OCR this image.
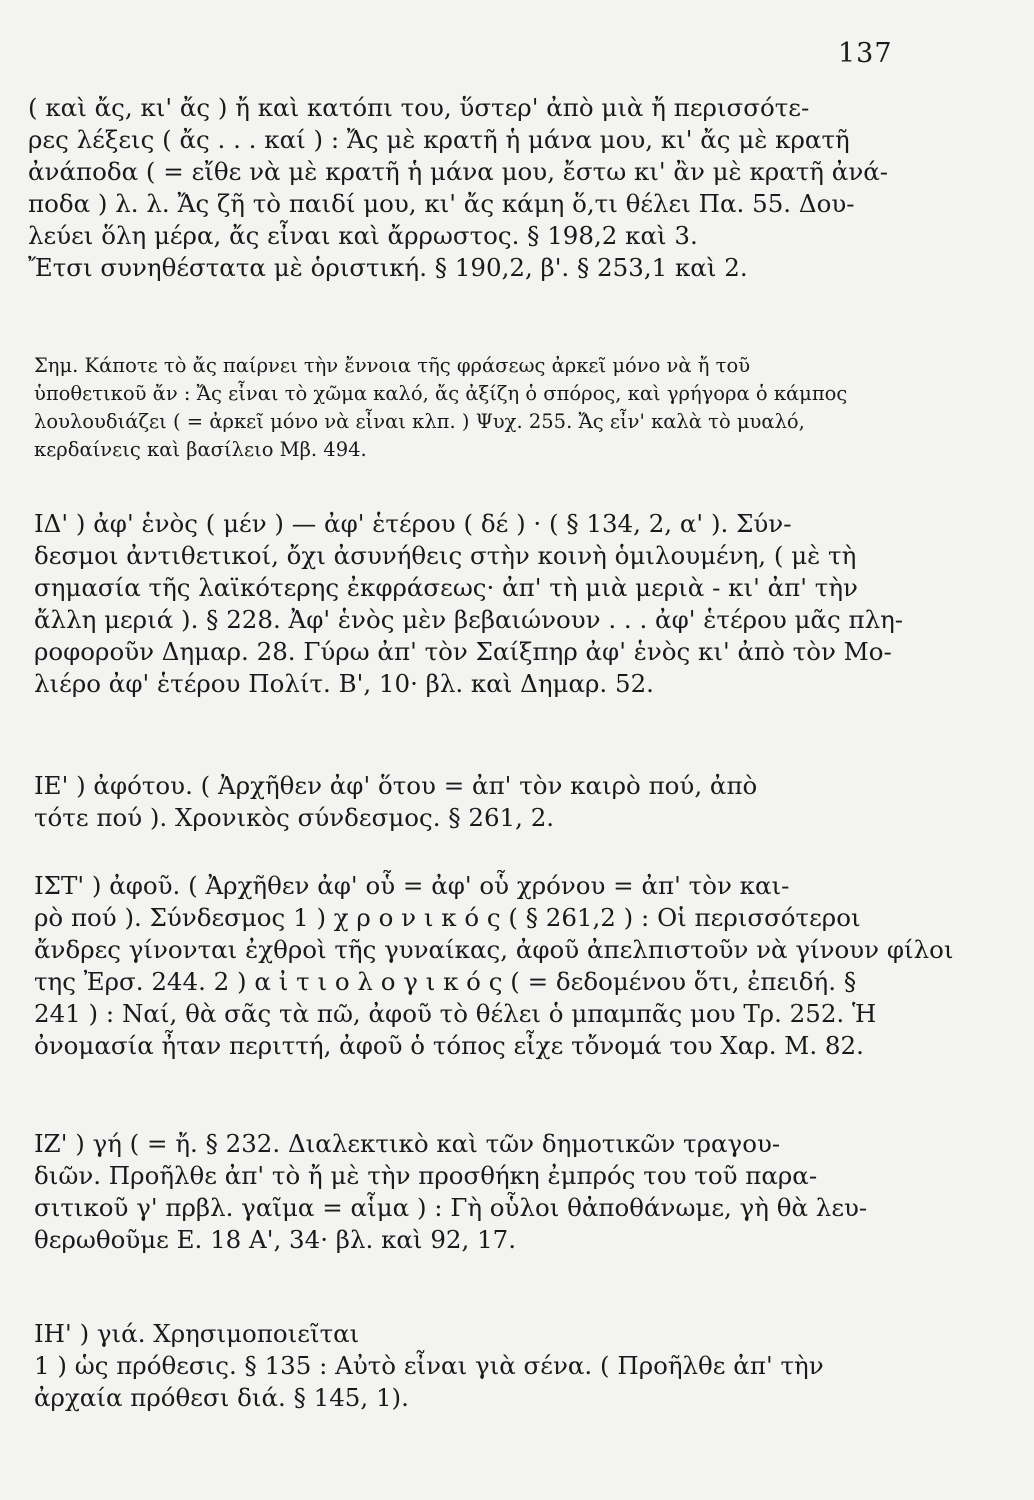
137
( καὶ ἄς, κι' ἄς ) ἤ καὶ κατόπι του, ὕστερ' ἀπὸ μιὰ ἤ περισσότε-
ρες λέξεις ( ἄς . . . καί ) : Ἄς μὲ κρατῆ ἡ μάνα μου, κι' ἄς μὲ κρατῆ
ἀνάποδα ( = εἴθε νὰ μὲ κρατῆ ἡ μάνα μου, ἔστω κι' ἂν μὲ κρατῆ ἀνά-
ποδα ) λ. λ. Ἄς ζῆ τὸ παιδί μου, κι' ἄς κάμη ὅ,τι θέλει Πα. 55. Δου-
λεύει ὅλη μέρα, ἄς εἶναι καὶ ἄρρωστος. § 198,2 καὶ 3.
Ἔτσι συνηθέστατα μὲ ὁριστική. § 190,2, β'. § 253,1 καὶ 2.
Σημ. Κάποτε τὸ ἄς παίρνει τὴν ἔννοια τῆς φράσεως ἀρκεῖ μόνο νὰ ἤ τοῦ
ὑποθετικοῦ ἄν : Ἄς εἶναι τὸ χῶμα καλό, ἄς ἀξίζη ὁ σπόρος, καὶ γρήγορα ὁ κάμπος
λουλουδιάζει ( = ἀρκεῖ μόνο νὰ εἶναι κλπ. ) Ψυχ. 255. Ἄς εἶν' καλὰ τὸ μυαλό,
κερδαίνεις καὶ βασίλειο Μβ. 494.
ΙΔ' ) ἀφ' ἑνὸς ( μέν ) — ἀφ' ἑτέρου ( δέ ) · ( § 134, 2, α' ). Σύν-
δεσμοι ἀντιθετικοί, ὄχι ἀσυνήθεις στὴν κοινὴ ὁμιλουμένη, ( μὲ τὴ
σημασία τῆς λαϊκότερης ἐκφράσεως· ἀπ' τὴ μιὰ μεριὰ - κι' ἀπ' τὴν
ἄλλη μεριά ). § 228. Ἀφ' ἑνὸς μὲν βεβαιώνουν . . . ἀφ' ἑτέρου μᾶς πλη-
ροφοροῦν Δημαρ. 28. Γύρω ἀπ' τὸν Σαίξπηρ ἀφ' ἑνὸς κι' ἀπὸ τὸν Μο-
λιέρο ἀφ' ἑτέρου Πολίτ. Β', 10· βλ. καὶ Δημαρ. 52.
ΙΕ' ) ἀφότου. ( Ἀρχῆθεν ἀφ' ὅτου = ἀπ' τὸν καιρὸ πού, ἀπὸ
τότε πού ). Χρονικὸς σύνδεσμος. § 261, 2.
ΙΣΤ' ) ἀφοῦ. ( Ἀρχῆθεν ἀφ' οὗ = ἀφ' οὗ χρόνου = ἀπ' τὸν και-
ρὸ πού ). Σύνδεσμος 1 ) χ ρ ο ν ι κ ό ς ( § 261,2 ) : Οἱ περισσότεροι
ἄνδρες γίνονται ἐχθροὶ τῆς γυναίκας, ἀφοῦ ἀπελπιστοῦν νὰ γίνουν φίλοι
της Ἐρσ. 244. 2 ) α ἰ τ ι ο λ ο γ ι κ ό ς ( = δεδομένου ὅτι, ἐπειδή. §
241 ) : Ναί, θὰ σᾶς τὰ πῶ, ἀφοῦ τὸ θέλει ὁ μπαμπᾶς μου Τρ. 252. Ἡ
ὀνομασία ἦταν περιττή, ἀφοῦ ὁ τόπος εἶχε τὄνομά του Χαρ. Μ. 82.
ΙΖ' ) γή ( = ἤ. § 232. Διαλεκτικὸ καὶ τῶν δημοτικῶν τραγου-
διῶν. Προῆλθε ἀπ' τὸ ἤ μὲ τὴν προσθήκη ἐμπρός του τοῦ παρα-
σιτικοῦ γ' πρβλ. γαῖμα = αἷμα ) : Γὴ οὗλοι θἀποθάνωμε, γὴ θὰ λευ-
θερωθοῦμε Ε. 18 Α', 34· βλ. καὶ 92, 17.
ΙΗ' ) γιά. Χρησιμοποιεῖται
1 ) ὡς πρόθεσις. § 135 : Αὐτὸ εἶναι γιὰ σένα. ( Προῆλθε ἀπ' τὴν
ἀρχαία πρόθεσι διά. § 145, 1).
